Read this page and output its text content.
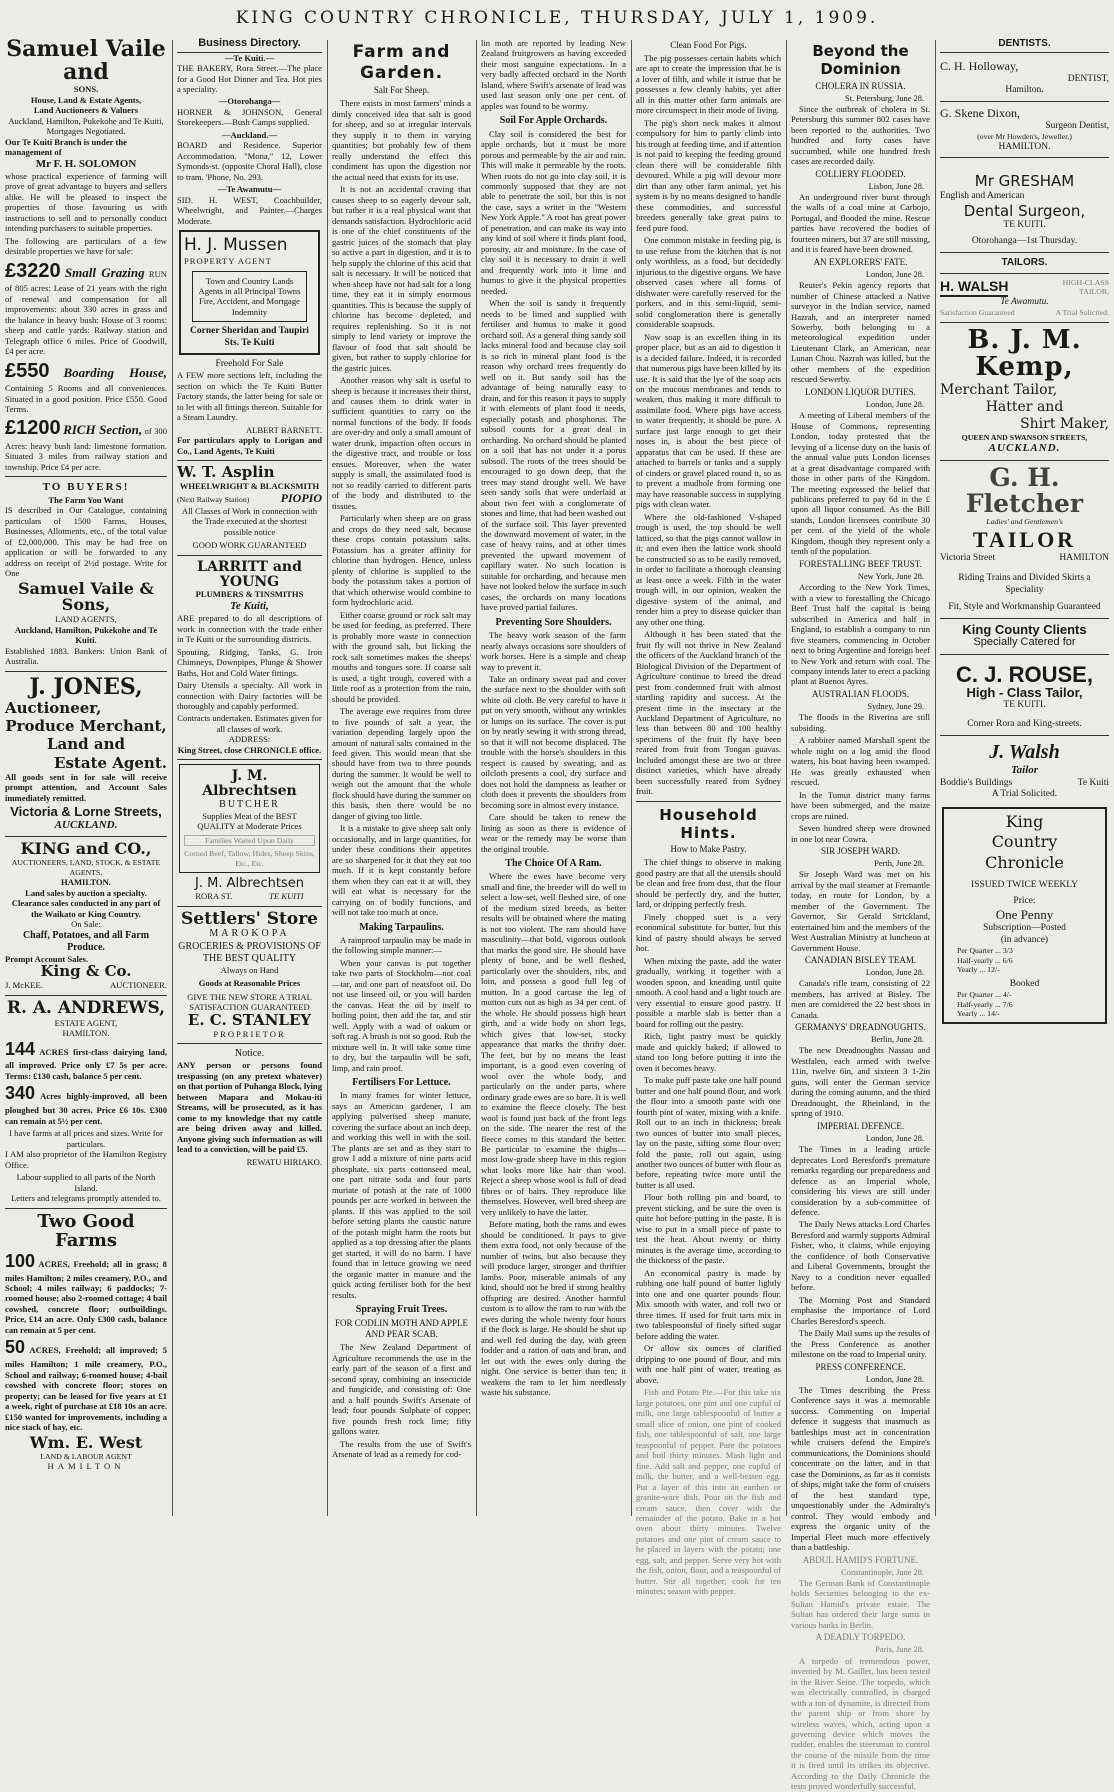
KING COUNTRY CHRONICLE, THURSDAY, JULY 1, 1909.
Samuel Vaile and
SONS.
House, Land & Estate Agents,
Land Auctioneers & Valuers
Auckland, Hamilton, Pukekohe and Te Kuiti,
Mortgages Negotiated.
Our Te Kuiti Branch is under the management of
Mr F. H. SOLOMON
whose practical experience of farming will prove of great advantage to buyers and sellers alike. He will be pleased to inspect the properties of those favouring us with instructions to sell and to personally conduct intending purchasers to suitable properties.
The following are particulars of a few desirable properties we have for sale:
£3220 Small Grazing RUN of 805 acres: Lease of 21 years with the right of renewal and compensation for all improvements: about 330 acres in grass and the balance in heavy bush: House of 3 rooms: sheep and cattle yards: Railway station and Telegraph office 6 miles. Price of Goodwill, £4 per acre.
£550 Boarding House, Containing 5 Rooms and all conveniences. Situated in a good position. Price £550. Good Terms.
£1200 RICH Section, of 300 Acres: heavy bush land: limestone formation. Situated 3 miles from railway station and township. Price £4 per acre.
TO BUYERS!
The Farm You Want
IS described in Our Catalogue, containing particulars of 1500 Farms, Houses, Businesses, Allotments, etc., of the total value of £2,000,000. This may be had free on application or will be forwarded to any address on receipt of 2½d postage. Write for One
Samuel Vaile & Sons,
LAND AGENTS,
Auckland, Hamilton, Pukekohe and Te Kuiti.
Established 1883. Bankers: Union Bank of Australia.
J. JONES,
Auctioneer,
Produce Merchant,
Land and
Estate Agent.
All goods sent in for sale will receive prompt attention, and Account Sales immediately remitted.
Victoria & Lorne Streets,
AUCKLAND.
KING and CO.,
AUCTIONEERS, LAND, STOCK, & ESTATE AGENTS,
HAMILTON.
Land sales by auction a specialty.
Clearance sales conducted in any part of the Waikato or King Country.
On Sale:
Chaff, Potatoes, and all Farm Produce.
Prompt Account Sales.
King & Co.
J. McKEE.	AUCTIONEER.
R. A. ANDREWS,
ESTATE AGENT,
HAMILTON.
144 ACRES first-class dairying land, all improved. Price only £7 5s per acre. Terms: £130 cash, balance 5 per cent.
340 Acres highly-improved, all been ploughed but 30 acres. Price £6 10s. £300 can remain at 5½ per cent.
I have farms at all prices and sizes. Write for particulars.
I AM also proprietor of the Hamilton Registry Office.
Labour supplied to all parts of the North Island.
Letters and telegrams promptly attended to.
Two Good Farms
100 ACRES, Freehold; all in grass; 8 miles Hamilton; 2 miles creamery, P.O., and School; 4 miles railway; 6 paddocks; 7-roomed house; also 2-roomed cottage; 4 bail cowshed, concrete floor; outbuildings. Price, £14 an acre. Only £300 cash, balance can remain at 5 per cent.
50 ACRES, Freehold; all improved; 5 miles Hamilton; 1 mile creamery, P.O., School and railway; 6-roomed house; 4-bail cowshed with concrete floor; stores on property; can be leased for five years at £1 a week, right of purchase at £18 10s an acre. £150 wanted for improvements, including a nice stack of hay, etc.
Wm. E. West
LAND & LABOUR AGENT
HAMILTON
Business Directory.
—Te Kuiti.—
THE BAKERY, Rora Street.—The place for a Good Hot Dinner and Tea. Hot pies a speciality.
—Otorohanga—
HORNER & JOHNSON, General Storekeepers.—Bush Camps supplied.
—Auckland.—
BOARD and Residence. Superior Accommodation. "Mona," 12, Lower Symonds-st. (opposite Choral Hall), close to tram. 'Phone, No. 293.
—Te Awamutu—
SID. H. WEST, Coachbuilder, Wheelwright, and Painter.—Charges Moderate.
H. J. Mussen
PROPERTY AGENT
Town and Country Lands Agents in all Principal Towns Fire, Accident, and Mortgage Indemnity
Corner Sheridan and Taupiri Sts. Te Kuiti
Freehold For Sale
A FEW more sections left, including the section on which the Te Kuiti Butter Factory stands, the latter being for sale or to let with all fittings thereon. Suitable for a Steam Laundry.
ALBERT BARNETT.
For particulars apply to Lorigan and Co., Land Agents, Te Kuiti
W. T. Asplin
WHEELWRIGHT & BLACKSMITH
(Next Railway Station)	PIOPIO
All Classes of Work in connection with the Trade executed at the shortest possible notice
GOOD WORK GUARANTEED
LARRITT and YOUNG
PLUMBERS & TINSMITHS
Te Kuiti,
ARE prepared to do all descriptions of work in connection with the trade either in Te Kuiti or the surrounding districts.
Spouting, Ridging, Tanks, G. Iron Chimneys, Downpipes, Plunge & Shower Baths, Hot and Cold Water fittings.
Dairy Utensils a specialty. All work in connection with Dairy factories will be thoroughly and capably performed.
Contracts undertaken. Estimates given for all classes of work.
ADDRESS:
King Street, close CHRONICLE office.
J. M. Albrechtsen
BUTCHER
Supplies Meat of the BEST QUALITY at Moderate Prices
Families Waited Upon Daily
Corned Beef, Tallow, Hides, Sheep Skins, Etc., Etc.
J. M. Albrechtsen
RORA ST.	TE KUITI
Settlers' Store
MAROKOPA
GROCERIES & PROVISIONS OF THE BEST QUALITY
Always on Hand
Goods at Reasonable Prices
GIVE THE NEW STORE A TRIAL SATISFACTION GUARANTEED
E. C. STANLEY
PROPRIETOR
Notice.
ANY person or persons found trespassing (on any pretext whatever) on that portion of Puhanga Block, lying between Mapara and Mokau-iti Streams, will be prosecuted, as it has come to my knowledge that my cattle are being driven away and killed. Anyone giving such information as will lead to a conviction, will be paid £5.
REWATU HIRIAKO.
Farm and Garden.
Salt For Sheep.
There exists in most farmers' minds a dimly conceived idea that salt is good for sheep, and so at irregular intervals they supply it to them in varying quantities; but probably few of them really understand the effect this condiment has upon the digestion nor the actual need that exists for its use.
It is not an accidental craving that causes sheep to so eagerly devour salt, but rather it is a real physical want that demands satisfaction. Hydrochloric acid is one of the chief constituents of the gastric juices of the stomach that play so active a part in digestion, and it is to help supply the chlorine of this acid that salt is necessary. It will be noticed that when sheep have not had salt for a long time, they eat it in simply enormous quantities. This is because the supply of chlorine has become depleted, and requires replenishing. So it is not simply to lend variety or improve the flavour of food that salt should be given, but rather to supply chlorine for the gastric juices.
Another reason why salt is useful to sheep is because it increases their thirst, and causes them to drink water in sufficient quantities to carry on the normal functions of the body. If foods are over-dry and only a small amount of water drunk, impaction often occurs in the digestive tract, and trouble or loss ensues. Moreover, when the water supply is small, the assimilated food is not so readily carried to different parts of the body and distributed to the tissues.
Particularly when sheep are on grass and crops do they need salt, because these crops contain potassium salts. Potassium has a greater affinity for chlorine than hydrogen. Hence, unless plenty of chlorine is supplied to the body the potassium takes a portion of that which otherwise would combine to form hydrochloric acid.
Either coarse ground or rock salt may be used for feeding, as preferred. There is probably more waste in connection with the ground salt, but licking the rock salt sometimes makes the sheeps' mouths and tongues sore. If coarse salt is used, a tight trough, covered with a little roof as a protection from the rain, should be provided.
The average ewe requires from three to five pounds of salt a year, the variation depending largely upon the amount of natural salts contained in the feed given. This would mean that she should have from two to three pounds during the summer. It would be well to weigh out the amount that the whole flock should have during the summer on this basis, then there would be no danger of giving too little.
It is a mistake to give sheep salt only occasionally, and in large quantities, for under these conditions their appetites are so sharpened for it that they eat too much. If it is kept constantly before them when they can eat it at will, they will eat what is necessary for the carrying on of bodily functions, and will not take too much at once.
Making Tarpaulins.
A rainproof tarpaulin may be made in the following simple manner:—
When your canvas is put together take two parts of Stockholm—not coal—tar, and one part of neatsfoot oil. Do not use linseed oil, or you will harden the canvas. Heat the oil by itself to boiling point, then add the tar, and stir well. Apply with a wad of oakum or soft rag. A brush is not so good. Rub the mixture well in. It will take some time to dry, but the tarpaulin will be soft, limp, and rain proof.
Fertilisers For Lettuce.
In many frames for winter lettuce, says an American gardener, I am applying pulverised sheep manure, covering the surface about an inch deep, and working this well in with the soil. The plants are set and as they start to grow I add a mixture of nine parts acid phosphate, six parts cottonseed meal, one part nitrate soda and four parts muriate of potash at the rate of 1000 pounds per acre worked in between the plants. If this was applied to the soil before setting plants the caustic nature of the potash might harm the roots but applied as a top dressing after the plants get started, it will do no harm. I have found that in lettuce growing we need the organic matter in manure and the quick acting fertiliser both for the best results.
Spraying Fruit Trees.
FOR CODLIN MOTH AND APPLE AND PEAR SCAB.
The New Zealand Department of Agriculture recommends the use in the early part of the season of a first and second spray, combining an insecticide and fungicide, and consisting of: One and a half pounds Swift's Arsenate of lead; four pounds Sulphate of copper; five pounds fresh rock lime; fifty gallons water.
The results from the use of Swift's Arsenate of lead as a remedy for cod-
lin moth are reported by leading New Zealand fruitgrowers as having exceeded their most sanguine expectations. In a very badly affected orchard in the North Island, where Swift's arsenate of lead was used last season only one per cent. of apples was found to be wormy.
Soil For Apple Orchards.
Clay soil is considered the best for apple orchards, but it must be more porous and permeable by the air and rain. This will make it permeable by the roots. When roots do not go into clay soil, it is commonly supposed that they are not able to penetrate the soil, but this is not the case, says a writer in the "Western New York Apple." A root has great power of penetration, and can make its way into any kind of soil where it finds plant food, porosity, air and moisture. In the case of clay soil it is necessary to drain it well and frequently work into it lime and humus to give it the physical properties needed.
When the soil is sandy it frequently needs to be limed and supplied with fertiliser and humus to make it good orchard soil. As a general thing sandy soil lacks mineral food and because clay soil is so rich in mineral plant food is the reason why orchard trees frequently do well on it. But sandy soil has the advantage of being naturally easy to drain, and for this reason it pays to supply it with elements of plant food it needs, especially potash and phosphorus. The subsoil counts for a great deal in orcharding. No orchard should be planted on a soil that has not under it a porus subsoil. The roots of the trees should be encouraged to go down deep, that the trees may stand drought well. We have seen sandy soils that were underlaid at about two feet with a conglomerate of stones and lime, that had been washed out of the surface soil. This layer prevented the downward movement of water, in the case of heavy rains, and at other times prevented the upward movement of capillary water. No such location is suitable for orcharding, and because men have not looked below the surface in such cases, the orchards on many locations have proved partial failures.
Preventing Sore Shoulders.
The heavy work season of the farm nearly always occasions sore shoulders of work horses. Here is a simple and cheap way to prevent it.
Take an ordinary sweat pad and cover the surface next to the shoulder with soft white oil cloth. Be very careful to have it put on very smooth, without any wrinkles or lumps on its surface. The cover is put on by neatly sewing it with strong thread, so that it will not become displaced. The trouble with the horse's shoulders in this respect is caused by sweating, and as oilcloth presents a cool, dry surface and does not hold the dampness as leather or cloth does it prevents the shoulders from becoming sore in almost every instance.
Care should be taken to renew the lining as soon as there is evidence of wear or the remedy may be worse than the original trouble.
The Choice Of A Ram.
Where the ewes have become very small and fine, the breeder will do well to select a low-set, well fleshed sire, of one of the medium sized breeds, as better results will be obtained where the mating is not too violent. The ram should have masculinity—that bold, vigorous outlook that marks the good sire. He should have plenty of bone, and be well fleshed, particularly over the shoulders, ribs, and loin, and possess a good full leg of mutton. In a good carcase the leg of mutton cuts out as high as 34 per cent. of the whole. He should possess high heart girth, and a wide body on short legs, which gives that low-set, stocky appearance that marks the thrifty doer. The feet, but by no means the least important, is a good even covering of wool over the whole body, and particularly on the under parts, where ordinary grade ewes are so bare. It is well to examine the fleece closely. The best wool is found just back of the front legs on the side. The nearer the rest of the fleece comes to this standard the better. Be particular to examine the thighs—most low-grade sheep have in this region what looks more like hair than wool. Reject a sheep whose wool is full of dead fibres or of bairs. They reproduce like themselves. However, well bred sheep are very unlikely to have the latter.
Before mating, both the rams and ewes should be conditioned. It pays to give them extra food, not only because of the number of twins, but also because they will produce larger, stronger and thriftier lambs. Poor, miserable animals of any kind, should not be bred if strong healthy offspring are desired. Another harmful custom is to allow the ram to run with the ewes during the whole twenty four hours if the flock is large. He should be shut up and well fed during the day, with green fodder and a ration of oats and bran, and let out with the ewes only during the night. One service is better than ten; it weakens the ram to let him needlessly waste his substance.
Clean Food For Pigs.
The pig possesses certain habits which are apt to create the impression that he is a lover of filth, and while it istrue that he possesses a few cleanly habits, yet after all in this matter other farm animals are more circumspect in their mode of living.
The pig's short neck makes it almost compulsory for him to partly climb into his trough at feeding time, and if attention is not paid to keeping the feeding ground clean there will be considerable filth devoured. While a pig will devour more dirt than any other farm animal, yet his system is by no means designed to handle these commodities, and successful breeders generally take great pains to feed pure food.
One common mistake in feeding pig, is to use refuse from the kitchen that is not only worthless, as a food, but decidedly injurious to the digestive organs. We have observed cases where all forms of dishwater were carefully reserved for the porkers, and in this semi-liquid, semi-solid conglomeration there is generally considerable soapsuds.
Now soap is an excellen thing in its proper place, but as an aid to digestion it is a decided failure. Indeed, it is recorded that numerous pigs have been killed by its use. It is said that the lye of the soap acts on the mucous membranes and tends to weaken, thus making it more difficult to assimilate food. Where pigs have access to water frequently, it should be pure. A surface just large enough to get their noses in, is about the best piece of apparatus that can be used. If these are attached to barrels or tanks and a supply of cinders or gravel placed round it, so as to prevent a mudhole from forming one may have reasonable success in supplying pigs with clean water.
Where the old-fashioned V-shaped trough is used, the top should be well latticed, so that the pigs cannot wallow in it; and even then the lattice work should be constructed so as to be easily removed, in order to facilitate a thorough cleansing at least once a week. Filth in the water trough will, in our opinion, weaken the digestive system of the animal, and render him a prey to disease quicker than any other one thing.
Although it has been stated that the fruit fly will not thrive in New Zealand the officers of the Auckland branch of the Biological Division of the Department of Agriculture continue to breed the dread pest from condemned fruit with almost startling rapidity and success. At the present time in the insectary at the Auckland Department of Agriculture, no less than between 80 and 100 healthy specimens of the fruit fly have been reared from fruit from Tongan guavas. Included amongst these are two or three distinct varieties, which have already been successfully reared from Sydney fruit.
Household Hints.
How to Make Pastry.
The chief things to observe in making good pastry are that all the utensils should be clean and free from dust, that the flour should be perfectly dry, and the butter, lard, or dripping perfectly fresh.
Finely chopped suet is a very economical substitute for butter, but this kind of pastry should always be served hot.
When mixing the paste, add the water gradually, working it together with a wooden spoon, and kneading until quite smooth. A cool hand and a light touch are very essential to ensure good pastry. If possible a marble slab is better than a board for rolling out the pastry.
Rich, light pastry must be quickly made and quickly baked; if allowed to stand too long before putting it into the oven it becomes heavy.
To make puff paste take one half pound butter and one half pound flour, and work the flour into a smooth paste with one fourth pint of water, mixing with a knife. Roll out to an inch in thickness; break two ounces of butter into small pieces, lay on the paste, sifting some flour over; fold the paste, roll out again, using another two ounces of butter with flour as before, repeating twice more until the butter is all used.
Flour both rolling pin and board, to prevent sticking, and be sure the oven is quite hot before putting in the paste. It is wise to put in a small piece of paste to test the heat. About twenty or thirty minutes is the average time, according to the thickness of the paste.
An economical pastry is made by rubbing one half pound of butter lightly into one and one quarter pounds flour. Mix smooth with water, and roll two or three times. If used for fruit tarts mix in two tablespoonsful of finely sifted sugar before adding the water.
Or allow six ounces of clarified dripping to one pound of flour, and mix with one half pint of water, treating as above.
Fish and Potato Pie.—For this take six large potatoes, one pint and one cupful of milk, one large tablespoonful of butter a small slice of onion, one pint of cooked fish, one tablespoonful of salt, one large teaspoonful of pepper. Pare the potatoes and boil thirty minutes. Mash light and fine. Add salt and pepper, one cupful of milk, the butter, and a well-beaten egg. Put a layer of this into an earthen or granite-ware dish. Pour on the fish and cream sauce, then cover with the remainder of the potato. Bake in a hot oven about thirty minutes. Twelve potatoes and one pint of cream sauce to be placed in layers with the potato; one egg, salt, and pepper. Serve very hot with the fish, onion, flour, and a teaspoonful of butter. Stir all together; cook for ten minutes; season with pepper.
Beyond the Dominion
CHOLERA IN RUSSIA.
St. Petersburg, June 28.
Since the outbreak of cholera in St. Petersburg this summer 802 cases have been reported to the authorities. Two hundred and forty cases have succumbed, while one hundred fresh cases are recorded daily.
COLLIERY FLOODED.
Lisbon, June 28.
An underground river burst through the walls of a coal mine at Carbojo, Portugal, and flooded the mine. Rescue parties have recovered the bodies of fourteen miners, but 37 are still missing, and it is feared have been drowned.
AN EXPLORERS' FATE.
London, June 28.
Reuter's Pekin agency reports that number of Chinese attacked a Native surveyor in the Indian service, named Hazrah, and an interpreter named Sowerby, both belonging to a meteorological expedition under Lieutenant Clark, an American, near Lunan Chou. Nazrah was killed, but the other members of the expedition rescued Sewerby.
LONDON LIQUOR DUTIES.
London, June 28.
A meeting of Liberal members of the House of Commons, representing London, today protested that the levying of a license duty on the basis of the annual value puts London licenses at a great disadvantage compared with those in other parts of the Kingdom. The meeting expressed the belief that publicans preferred to pay 6d in the £ upon all liquor consumed. As the Bill stands, London licensees contribute 30 per cent. of the yield of the whole Kingdom, though they represent only a tenth of the population.
FORESTALLING BEEF TRUST.
New York, June 28.
According to the New York Times, with a view to forestalling the Chicago Beef Trust half the capital is being subscribed in America and half in England, to establish a company to run five steamers, commencing in October next to bring Argentine and foreign beef to New York and return with coal. The company intends later to erect a packing plant at Buenos Ayres.
AUSTRALIAN FLOODS.
Sydney, June 29.
The floods in the Riverina are still subsiding.
A rabbiter named Marshall spent the whole night on a log amid the flood waters, his boat having been swamped. He was greatly exhausted when rescued.
In the Tumut district many farms have been submerged, and the maize crops are ruined.
Seven hundred sheep were drowned in one lot near Cowra.
SIR JOSEPH WARD.
Perth, June 28.
Sir Joseph Ward was met on his arrival by the mail steamer at Fremantle today, en route for London, by a member of the Government. The Governor, Sir Gerald Strickland, entertained him and the members of the West Australian Ministry at luncheon at Government House.
CANADIAN BISLEY TEAM.
London, June 28.
Canada's rifle team, consisting of 22 members, has arrived at Bisley. The men are considered the 22 best shots in Canada.
GERMANYS' DREADNOUGHTS.
Berlin, June 28.
The new Dreadnoughts Nassau and Westfalen, each armed with twelve 11in, twelve 6in, and sixteen 3 1-2in guns, will enter the German service during the coming autumn, and the third Dreadnought, the Rheinland, in the spring of 1910.
IMPERIAL DEFENCE.
London, June 28.
The Times in a leading article deprecates Lord Beresford's premature remarks regarding our preparedness and defence as an Imperial whole, considering his views are still under consideration by a sub-committee of defence.
The Daily News attacks Lord Charles Beresford and warmly supports Admiral Fisher, who, it claims, while enjoying the confidence of both Conservative and Liberal Governments, brought the Navy to a condition never equalled before.
The Morning Post and Standard emphasise the importance of Lord Charles Beresford's speech.
The Daily Mail sums up the results of the Press Conference as another milestone on the road to Imperial unity.
PRESS CONFERENCE.
London, June 28.
The Times describing the Press Conference says it was a memorable success. Commenting on Imperial defence it suggests that inasmuch as battleships must act in concentration while cruisers defend the Empire's communications, the Dominions should concentrate on the latter, and in that case the Dominions, as far as it consists of ships, might take the form of cruisers of the best standard type, unquestionably under the Admiralty's control. They would embody and express the organic unity of the Imperial Fleet much more effectively than a battleship.
ABDUL HAMID'S FORTUNE.
Constantinople, June 28.
The German Bank of Constantinople holds Securities belonging to the ex-Sultan Hamid's private estate. The Sultan has ordered their large sums in various banks in Berlin.
A DEADLY TORPEDO.
Paris, June 28.
A torpedo of tremendous power, invented by M. Gaillet, has been tested in the River Seine. The torpedo, which was electrically controlled, is charged with a ton of dynamite, is directed from the parent ship or from shore by wireless waves, which, acting upon a governing device which moves the rudder, enables the steersman to control the course of the missile from the time it is fired until its strikes its objective. According to the Daily Chronicle the tests proved wonderfully successful.
DENTISTS.
C. H. Holloway,
DENTIST,
Hamilton.
G. Skene Dixon,
Surgeon Dentist,
(over Mr Howden's, Jeweller,)
HAMILTON.
Mr GRESHAM
English and American
Dental Surgeon,
TE KUITI.
Otorohanga—1st Thursday.
TAILORS.
H. WALSH	HIGH-CLASS TAILOR,
Te Awamutu.
Satisfaction Guaranteed	A Trial Solicited.
B. J. M. Kemp,
Merchant Tailor,
Hatter and
Shirt Maker,
QUEEN AND SWANSON STREETS,
AUCKLAND.
G. H. Fletcher
Ladies' and Gentlemen's
TAILOR
Victoria Street	HAMILTON
Riding Trains and Divided Skirts a Speciality
Fit, Style and Workmanship Guaranteed
King County Clients
Specially Catered for
C. J. ROUSE,
High - Class Tailor,
TE KUITI.
Corner Rora and King-streets.
J. Walsh
Tailor
Boddie's Buildings	Te Kuiti
A Trial Solicited.
King
Country
Chronicle
ISSUED TWICE WEEKLY
Price:
One Penny
Subscription—Posted
(in advance)
Per Quarter ... 3/3
Half-yearly ... 6/6
Yearly ... 12/-
Booked
Per Quarter ... 4/-
Half-yearly ... 7/6
Yearly ... 14/-
